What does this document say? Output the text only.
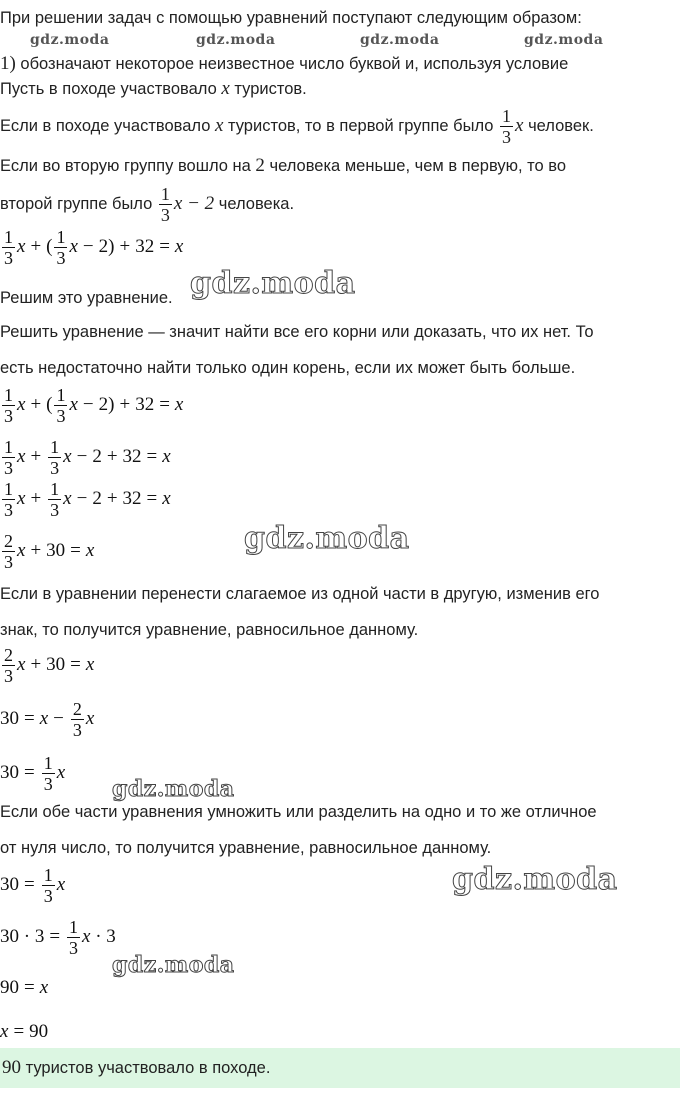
gdz.moda	gdz.moda	gdz.moda	gdz.moda
При решении задач с помощью уравнений поступают следующим образом:
1) обозначают некоторое неизвестное число буквой и, используя условие
Пусть в походе участвовало x туристов.
Если в походе участвовало
x
туристов, то в первой группе было
$\frac{1}{3}$ x
человек.
Если во вторую группу вошло на 2 человека меньше, чем в первую, то во
второй группе было
$\frac{1}{3}$ x − 2
человека.
$\frac{1}{3}$ x + ( $\frac{1}{3}$ x − 2) + 32 = x
Решим это уравнение. gdz.moda
Решить уравнение — значит найти все его корни или доказать, что их нет. То
есть недостаточно найти только один корень, если их может быть больше.
$\frac{1}{3}$ x + ( $\frac{1}{3}$ x − 2) + 32 = x
$\frac{1}{3}$ $x + \frac{1}{3}$ x − 2 + 32 = x
$\frac{1}{3}$ $x + \frac{1}{3}$ x − 2 + 32 = x
$\frac{2}{3}$ x + 30 = x	gdz.moda
Если в уравнении перенести слагаемое из одной части в другую, изменив его
знак, то получится уравнение, равносильное данному.
$\frac{2}{3}$ x + 30 = x
$30 = x - \frac{2}{3}$ x
$30 = \frac{1}{3}$ x
gdz.moda
Если обе части уравнения умножить или разделить на одно и то же отличное
от нуля число, то получится уравнение, равносильное данному.
$30 = \frac{1}{3}$ x	gdz.moda
$30 \cdot 3 = \frac{1}{3}$ x
· 3
gdz.moda
90 = x
x = 90
90 туристов участвовало в походе.
